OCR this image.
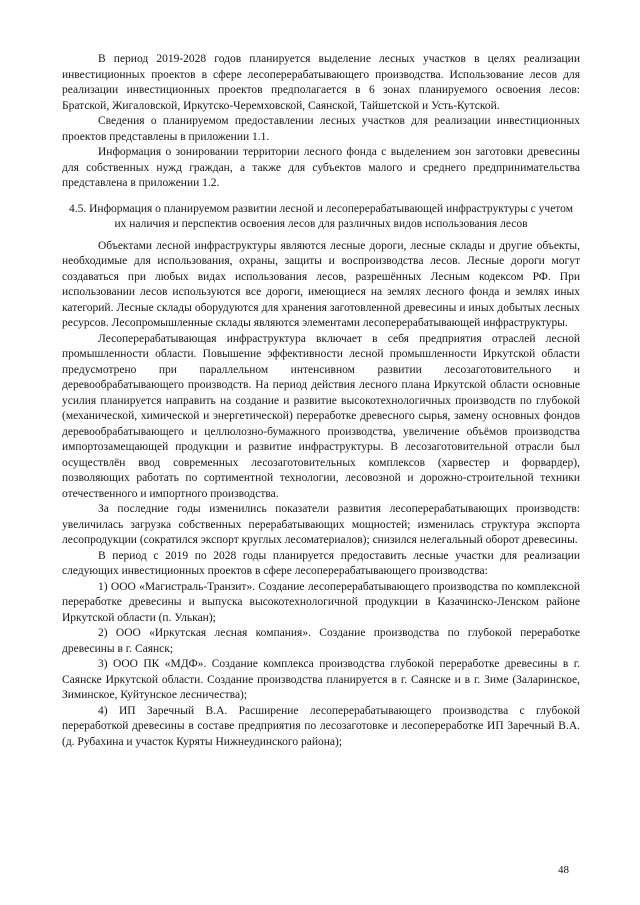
В период 2019-2028 годов планируется выделение лесных участков в целях реализации инвестиционных проектов в сфере лесоперерабатывающего производства. Использование лесов для реализации инвестиционных проектов предполагается в 6 зонах планируемого освоения лесов: Братской, Жигаловской, Иркутско-Черемховской, Саянской, Тайшетской и Усть-Кутской.

Сведения о планируемом предоставлении лесных участков для реализации инвестиционных проектов представлены в приложении 1.1.

Информация о зонировании территории лесного фонда с выделением зон заготовки древесины для собственных нужд граждан, а также для субъектов малого и среднего предпринимательства представлена в приложении 1.2.

4.5. Информация о планируемом развитии лесной и лесоперерабатывающей инфраструктуры с учетом их наличия и перспектив освоения лесов для различных видов использования лесов

Объектами лесной инфраструктуры являются лесные дороги, лесные склады и другие объекты, необходимые для использования, охраны, защиты и воспроизводства лесов. Лесные дороги могут создаваться при любых видах использования лесов, разрешённых Лесным кодексом РФ. При использовании лесов используются все дороги, имеющиеся на землях лесного фонда и землях иных категорий. Лесные склады оборудуются для хранения заготовленной древесины и иных добытых лесных ресурсов. Лесопромышленные склады являются элементами лесоперерабатывающей инфраструктуры.

Лесоперерабатывающая инфраструктура включает в себя предприятия отраслей лесной промышленности области. Повышение эффективности лесной промышленности Иркутской области предусмотрено при параллельном интенсивном развитии лесозаготовительного и деревообрабатывающего производств. На период действия лесного плана Иркутской области основные усилия планируется направить на создание и развитие высокотехнологичных производств по глубокой (механической, химической и энергетической) переработке древесного сырья, замену основных фондов деревообрабатывающего и целлюлозно-бумажного производства, увеличение объёмов производства импортозамещающей продукции и развитие инфраструктуры. В лесозаготовительной отрасли был осуществлён ввод современных лесозаготовительных комплексов (харвестер и форвардер), позволяющих работать по сортиментной технологии, лесовозной и дорожно-строительной техники отечественного и импортного производства.

За последние годы изменились показатели развития лесоперерабатывающих производств: увеличилась загрузка собственных перерабатывающих мощностей; изменилась структура экспорта лесопродукции (сократился экспорт круглых лесоматериалов); снизился нелегальный оборот древесины.

В период с 2019 по 2028 годы планируется предоставить лесные участки для реализации следующих инвестиционных проектов в сфере лесоперерабатывающего производства:

1) ООО «Магистраль-Транзит». Создание лесоперерабатывающего производства по комплексной переработке древесины и выпуска высокотехнологичной продукции в Казачинско-Ленском районе Иркутской области (п. Улькан);

2) ООО «Иркутская лесная компания». Создание производства по глубокой переработке древесины в г. Саянск;

3) ООО ПК «МДФ». Создание комплекса производства глубокой переработке древесины в г. Саянске Иркутской области. Создание производства планируется в г. Саянске и в г. Зиме (Заларинское, Зиминское, Куйтунское лесничества);

4) ИП Заречный В.А. Расширение лесоперерабатывающего производства с глубокой переработкой древесины в составе предприятия по лесозаготовке и лесопереработке ИП Заречный В.А. (д. Рубахина и участок Куряты Нижнеудинского района);

48
